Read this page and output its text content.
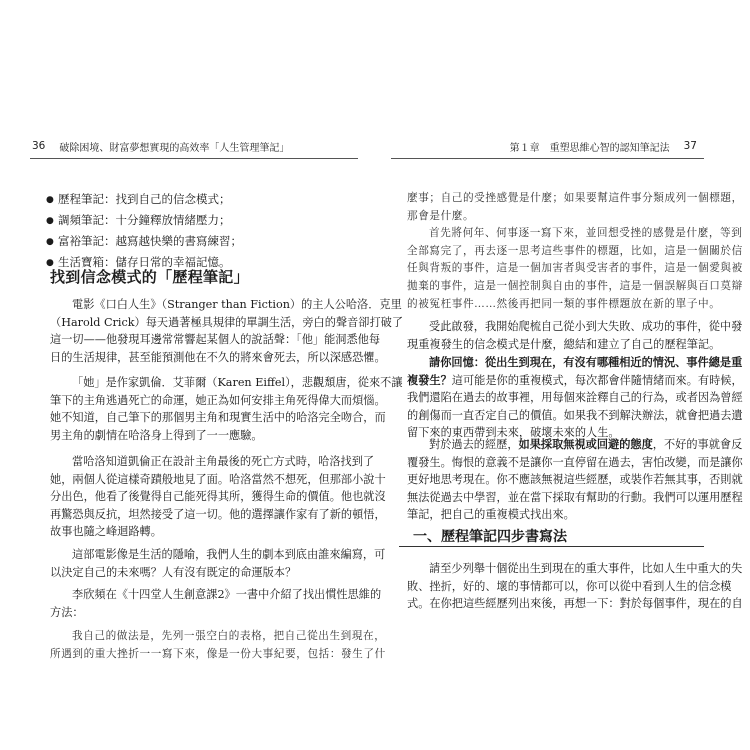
36 破除困境、財富夢想實現的高效率「人生管理筆記」
● 歷程筆記：找到自己的信念模式；
● 調頻筆記：十分鐘釋放情緒壓力；
● 富裕筆記：越寫越快樂的書寫練習；
● 生活寶箱：儲存日常的幸福記憶。
找到信念模式的「歷程筆記」
電影《口白人生》（Stranger than Fiction）的主人公哈洛．克里
（Harold Crick）每天過著極具規律的單調生活，旁白的聲音卻打破了
這一切——他發現耳邊常常響起某個人的說話聲：「他」能洞悉他每
日的生活規律，甚至能預測他在不久的將來會死去，所以深感恐懼。
「她」是作家凱倫．艾菲爾（Karen Eiffel），悲觀頹唐，從來不讓
筆下的主角逃過死亡的命運，她正為如何安排主角死得偉大而煩惱。
她不知道，自己筆下的那個男主角和現實生活中的哈洛完全吻合，而
男主角的劇情在哈洛身上得到了一一應驗。
當哈洛知道凱倫正在設計主角最後的死亡方式時，哈洛找到了
她，兩個人從這樣奇蹟般地見了面。哈洛當然不想死，但那部小說十
分出色，他看了後覺得自己能死得其所，獲得生命的價值。他也就沒
再驚恐與反抗，坦然接受了這一切。他的選擇讓作家有了新的頓悟，
故事也隨之峰迴路轉。
這部電影像是生活的隱喻，我們人生的劇本到底由誰來編寫，可
以決定自己的未來嗎？人有沒有既定的命運版本？
李欣頻在《十四堂人生創意課2》一書中介紹了找出慣性思維的
方法：
我自己的做法是，先列一張空白的表格，把自己從出生到現在，
所遇到的重大挫折一一寫下來，像是一份大事紀要，包括：發生了什
第１章　重塑思維心智的認知筆記法 37
麼事；自己的受挫感覺是什麼；如果要幫這件事分類成列一個標題，
那會是什麼。
首先將何年、何事逐一寫下來，並回想受挫的感覺是什麼，等到
全部寫完了，再去逐一思考這些事件的標題，比如，這是一個關於信
任與背叛的事件，這是一個加害者與受害者的事件，這是一個愛與被
拋棄的事件，這是一個控制與自由的事件，這是一個誤解與百口莫辯
的被冤枉事件……然後再把同一類的事件標題放在新的單子中。
受此啟發，我開始爬梳自己從小到大失敗、成功的事件，從中發
現重複發生的信念模式是什麼，總結和建立了自己的歷程筆記。
請你回憶：從出生到現在，有沒有哪種相近的情況、事件總是重
複發生？這可能是你的重複模式，每次都會伴隨情緒而來。有時候，
我們還陷在過去的故事裡，用每個來詮釋自己的行為，或者因為曾經
的創傷而一直否定自己的價值。如果我不到解決辦法，就會把過去遺
留下來的東西帶到未來，破壞未來的人生。
對於過去的經歷，如果採取無視或回避的態度，不好的事就會反
覆發生。悔恨的意義不是讓你一直停留在過去，害怕改變，而是讓你
更好地思考現在。你不應該無視這些經歷，或裝作若無其事，否則就
無法從過去中學習，並在當下採取有幫助的行動。我們可以運用歷程
筆記，把自己的重複模式找出來。
一、歷程筆記四步書寫法
請至少列舉十個從出生到現在的重大事件，比如人生中重大的失
敗、挫折，好的、壞的事情都可以，你可以從中看到人生的信念模
式。在你把這些經歷列出來後，再想一下：對於每個事件，現在的自
